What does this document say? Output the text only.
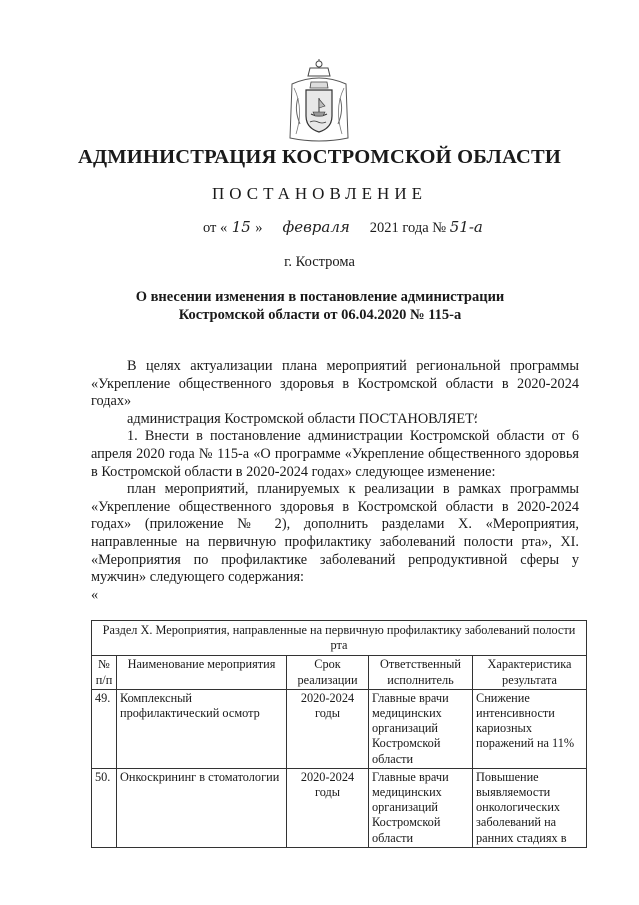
АДМИНИСТРАЦИЯ КОСТРОМСКОЙ ОБЛАСТИ
ПОСТАНОВЛЕНИЕ
от « 15 » февраля 2021 года № 51-а
г. Кострома
О внесении изменения в постановление администрации
Костромской области от 06.04.2020 № 115-а

В целях актуализации плана мероприятий региональной программы «Укрепление общественного здоровья в Костромской области в 2020-2024 годах»

администрация Костромской области ПОСТАНОВЛЯЕТ:

1. Внести в постановление администрации Костромской области от 6 апреля 2020 года № 115-а «О программе «Укрепление общественного здоровья в Костромской области в 2020-2024 годах» следующее изменение:

план мероприятий, планируемых к реализации в рамках программы «Укрепление общественного здоровья в Костромской области в 2020-2024 годах» (приложение № 2), дополнить разделами X. «Мероприятия, направленные на первичную профилактику заболеваний полости рта», XI. «Мероприятия по профилактике заболеваний репродуктивной сферы у мужчин» следующего содержания:

«

Раздел X. Мероприятия, направленные на первичную профилактику заболеваний полости рта				
№ п/п	Наименование мероприятия	Срок реализации	Ответственный исполнитель	Характеристика результата
49.	Комплексный профилактический осмотр	2020-2024 годы	Главные врачи медицинских организаций Костромской области	Снижение интенсивности кариозных поражений на 11%
50.	Онкоскрининг в стоматологии	2020-2024 годы	Главные врачи медицинских организаций Костромской области	Повышение выявляемости онкологических заболеваний на ранних стадиях в
